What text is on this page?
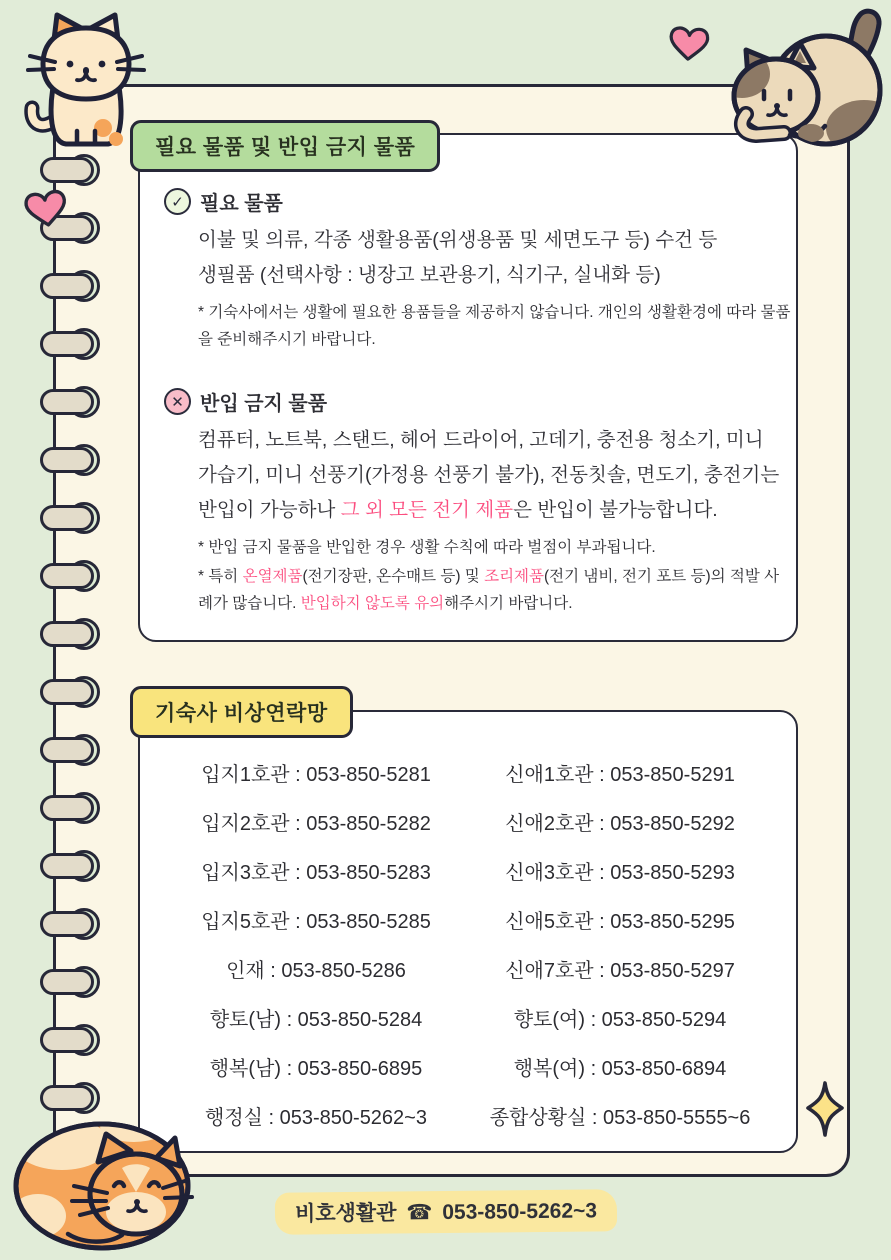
필요 물품 및 반입 금지 물품
✓ 필요 물품
이불 및 의류, 각종 생활용품(위생용품 및 세면도구 등) 수건 등
생필품 (선택사항 : 냉장고 보관용기, 식기구, 실내화 등)
* 기숙사에서는 생활에 필요한 용품들을 제공하지 않습니다. 개인의 생활환경에 따라 물품을 준비해주시기 바랍니다.
✕ 반입 금지 물품
컴퓨터, 노트북, 스탠드, 헤어 드라이어, 고데기, 충전용 청소기, 미니 가습기, 미니 선풍기(가정용 선풍기 불가), 전동칫솔, 면도기, 충전기는 반입이 가능하나 그 외 모든 전기 제품은 반입이 불가능합니다.
* 반입 금지 물품을 반입한 경우 생활 수칙에 따라 벌점이 부과됩니다.
* 특히 온열제품(전기장판, 온수매트 등) 및 조리제품(전기 냄비, 전기 포트 등)의 적발 사례가 많습니다. 반입하지 않도록 유의해주시기 바랍니다.
기숙사 비상연락망
입지1호관 : 053-850-5281	신애1호관 : 053-850-5291
입지2호관 : 053-850-5282	신애2호관 : 053-850-5292
입지3호관 : 053-850-5283	신애3호관 : 053-850-5293
입지5호관 : 053-850-5285	신애5호관 : 053-850-5295
인재 : 053-850-5286	신애7호관 : 053-850-5297
향토(남) : 053-850-5284	향토(여) : 053-850-5294
행복(남) : 053-850-6895	행복(여) : 053-850-6894
행정실 : 053-850-5262~3	종합상황실 : 053-850-5555~6
비호생활관 ☎ 053-850-5262~3
